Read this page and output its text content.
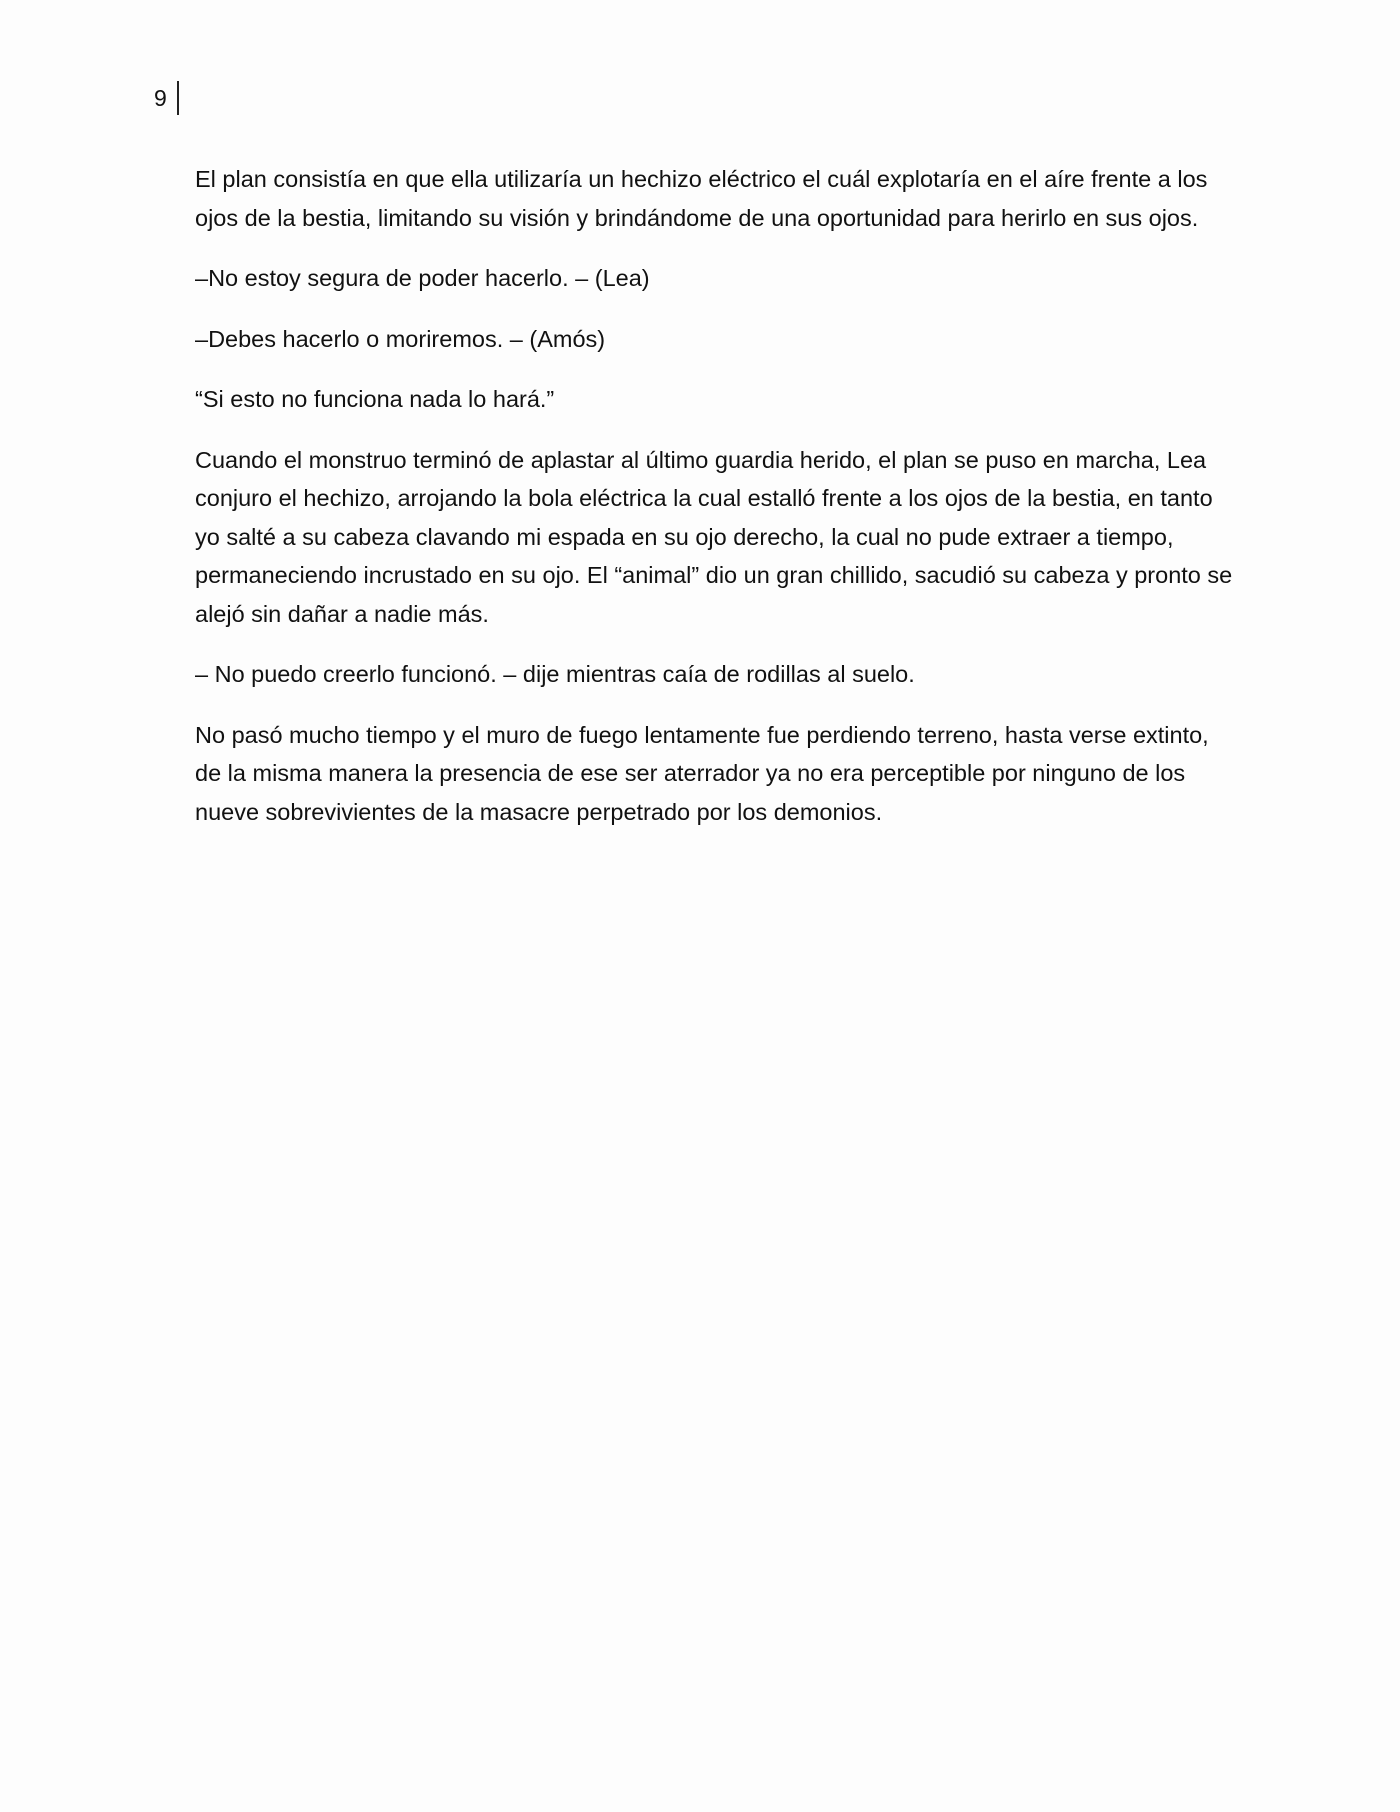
9

El plan consistía en que ella utilizaría un hechizo eléctrico el cuál explotaría en el aíre frente a los ojos de la bestia, limitando su visión y brindándome de una oportunidad para herirlo en sus ojos.

–No estoy segura de poder hacerlo. – (Lea)

–Debes hacerlo o moriremos. – (Amós)

“Si esto no funciona nada lo hará.”

Cuando el monstruo terminó de aplastar al último guardia herido, el plan se puso en marcha, Lea conjuro el hechizo, arrojando la bola eléctrica la cual estalló frente a los ojos de la bestia, en tanto yo salté a su cabeza clavando mi espada en su ojo derecho, la cual no pude extraer a tiempo, permaneciendo incrustado en su ojo. El “animal” dio un gran chillido, sacudió su cabeza y pronto se alejó sin dañar a nadie más.

– No puedo creerlo funcionó. – dije mientras caía de rodillas al suelo.

No pasó mucho tiempo y el muro de fuego lentamente fue perdiendo terreno, hasta verse extinto, de la misma manera la presencia de ese ser aterrador ya no era perceptible por ninguno de los nueve sobrevivientes de la masacre perpetrado por los demonios.
